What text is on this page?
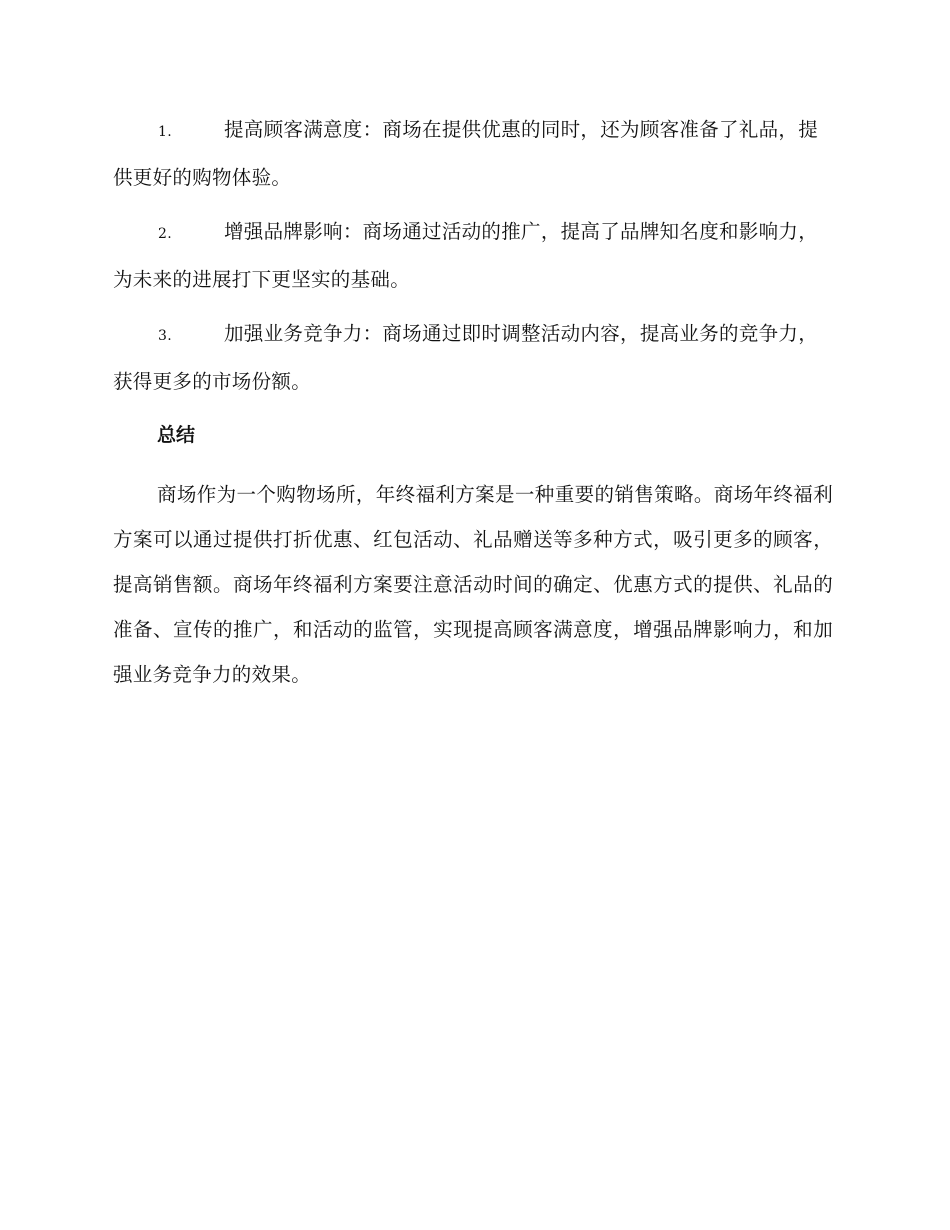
1.	提高顾客满意度：商场在提供优惠的同时，还为顾客准备了礼品，提供更好的购物体验。
2.	增强品牌影响：商场通过活动的推广，提高了品牌知名度和影响力，为未来的进展打下更坚实的基础。
3.	加强业务竞争力：商场通过即时调整活动内容，提高业务的竞争力，获得更多的市场份额。
总结
商场作为一个购物场所，年终福利方案是一种重要的销售策略。商场年终福利方案可以通过提供打折优惠、红包活动、礼品赠送等多种方式，吸引更多的顾客，提高销售额。商场年终福利方案要注意活动时间的确定、优惠方式的提供、礼品的准备、宣传的推广，和活动的监管，实现提高顾客满意度，增强品牌影响力，和加强业务竞争力的效果。
